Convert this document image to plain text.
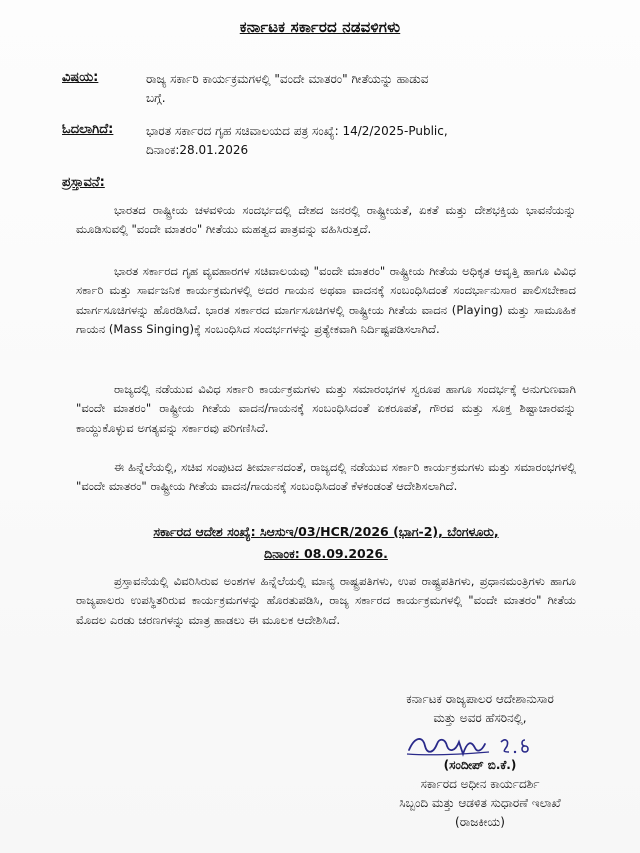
ಕರ್ನಾಟಕ ಸರ್ಕಾರದ ನಡವಳಿಗಳು
ವಿಷಯ:	ರಾಜ್ಯ ಸರ್ಕಾರಿ ಕಾರ್ಯಕ್ರಮಗಳಲ್ಲಿ "ವಂದೇ ಮಾತರಂ" ಗೀತೆಯನ್ನು ಹಾಡುವ
ಬಗ್ಗೆ.
ಓದಲಾಗಿದೆ:	ಭಾರತ ಸರ್ಕಾರದ ಗೃಹ ಸಚಿವಾಲಯದ ಪತ್ರ ಸಂಖ್ಯೆ: 14/2/2025-Public,
ದಿನಾಂಕ:28.01.2026
ಪ್ರಸ್ತಾವನೆ:

ಭಾರತದ ರಾಷ್ಟ್ರೀಯ ಚಳವಳಿಯ ಸಂದರ್ಭದಲ್ಲಿ ದೇಶದ ಜನರಲ್ಲಿ ರಾಷ್ಟ್ರೀಯತೆ, ಏಕತೆ ಮತ್ತು ದೇಶಭಕ್ತಿಯ ಭಾವನೆಯನ್ನು ಮೂಡಿಸುವಲ್ಲಿ "ವಂದೇ ಮಾತರಂ" ಗೀತೆಯು ಮಹತ್ವದ ಪಾತ್ರವನ್ನು ವಹಿಸಿರುತ್ತದೆ.

ಭಾರತ ಸರ್ಕಾರದ ಗೃಹ ವ್ಯವಹಾರಗಳ ಸಚಿವಾಲಯವು "ವಂದೇ ಮಾತರಂ" ರಾಷ್ಟ್ರೀಯ ಗೀತೆಯ ಅಧಿಕೃತ ಆವೃತ್ತಿ ಹಾಗೂ ವಿವಿಧ ಸರ್ಕಾರಿ ಮತ್ತು ಸಾರ್ವಜನಿಕ ಕಾರ್ಯಕ್ರಮಗಳಲ್ಲಿ ಅದರ ಗಾಯನ ಅಥವಾ ವಾದನಕ್ಕೆ ಸಂಬಂಧಿಸಿದಂತೆ ಸಂದರ್ಭಾನುಸಾರ ಪಾಲಿಸಬೇಕಾದ ಮಾರ್ಗಸೂಚಿಗಳನ್ನು ಹೊರಡಿಸಿದೆ. ಭಾರತ ಸರ್ಕಾರದ ಮಾರ್ಗಸೂಚಿಗಳಲ್ಲಿ ರಾಷ್ಟ್ರೀಯ ಗೀತೆಯ ವಾದನ (Playing) ಮತ್ತು ಸಾಮೂಹಿಕ ಗಾಯನ (Mass Singing)ಕ್ಕೆ ಸಂಬಂಧಿಸಿದ ಸಂದರ್ಭಗಳನ್ನು ಪ್ರತ್ಯೇಕವಾಗಿ ನಿರ್ದಿಷ್ಟಪಡಿಸಲಾಗಿದೆ.

ರಾಜ್ಯದಲ್ಲಿ ನಡೆಯುವ ವಿವಿಧ ಸರ್ಕಾರಿ ಕಾರ್ಯಕ್ರಮಗಳು ಮತ್ತು ಸಮಾರಂಭಗಳ ಸ್ವರೂಪ ಹಾಗೂ ಸಂದರ್ಭಕ್ಕೆ ಅನುಗುಣವಾಗಿ "ವಂದೇ ಮಾತರಂ" ರಾಷ್ಟ್ರೀಯ ಗೀತೆಯ ವಾದನ/ಗಾಯನಕ್ಕೆ ಸಂಬಂಧಿಸಿದಂತೆ ಏಕರೂಪತೆ, ಗೌರವ ಮತ್ತು ಸೂಕ್ತ ಶಿಷ್ಟಾಚಾರವನ್ನು ಕಾಯ್ದುಕೊಳ್ಳುವ ಅಗತ್ಯವನ್ನು ಸರ್ಕಾರವು ಪರಿಗಣಿಸಿದೆ.

ಈ ಹಿನ್ನೆಲೆಯಲ್ಲಿ, ಸಚಿವ ಸಂಪುಟದ ತೀರ್ಮಾನದಂತೆ, ರಾಜ್ಯದಲ್ಲಿ ನಡೆಯುವ ಸರ್ಕಾರಿ ಕಾರ್ಯಕ್ರಮಗಳು ಮತ್ತು ಸಮಾರಂಭಗಳಲ್ಲಿ "ವಂದೇ ಮಾತರಂ" ರಾಷ್ಟ್ರೀಯ ಗೀತೆಯ ವಾದನ/ಗಾಯನಕ್ಕೆ ಸಂಬಂಧಿಸಿದಂತೆ ಕೆಳಕಂಡಂತೆ ಆದೇಶಿಸಲಾಗಿದೆ.

ಸರ್ಕಾರದ ಆದೇಶ ಸಂಖ್ಯೆ: ಸಿಆಸುಇ/03/HCR/2026 (ಭಾಗ-2), ಬೆಂಗಳೂರು,
ದಿನಾಂಕ: 08.09.2026.

ಪ್ರಸ್ತಾವನೆಯಲ್ಲಿ ವಿವರಿಸಿರುವ ಅಂಶಗಳ ಹಿನ್ನೆಲೆಯಲ್ಲಿ ಮಾನ್ಯ ರಾಷ್ಟ್ರಪತಿಗಳು, ಉಪ ರಾಷ್ಟ್ರಪತಿಗಳು, ಪ್ರಧಾನಮಂತ್ರಿಗಳು ಹಾಗೂ ರಾಜ್ಯಪಾಲರು ಉಪಸ್ಥಿತರಿರುವ ಕಾರ್ಯಕ್ರಮಗಳನ್ನು ಹೊರತುಪಡಿಸಿ, ರಾಜ್ಯ ಸರ್ಕಾರದ ಕಾರ್ಯಕ್ರಮಗಳಲ್ಲಿ "ವಂದೇ ಮಾತರಂ" ಗೀತೆಯ ಮೊದಲ ಎರಡು ಚರಣಗಳನ್ನು ಮಾತ್ರ ಹಾಡಲು ಈ ಮೂಲಕ ಆದೇಶಿಸಿದೆ.

ಕರ್ನಾಟಕ ರಾಜ್ಯಪಾಲರ ಆದೇಶಾನುಸಾರ
ಮತ್ತು ಅವರ ಹೆಸರಿನಲ್ಲಿ,
(ಸಂದೀಪ್ ಬಿ.ಕೆ.)
ಸರ್ಕಾರದ ಅಧೀನ ಕಾರ್ಯದರ್ಶಿ
ಸಿಬ್ಬಂದಿ ಮತ್ತು ಆಡಳಿತ ಸುಧಾರಣೆ ಇಲಾಖೆ
(ರಾಜಕೀಯ)
